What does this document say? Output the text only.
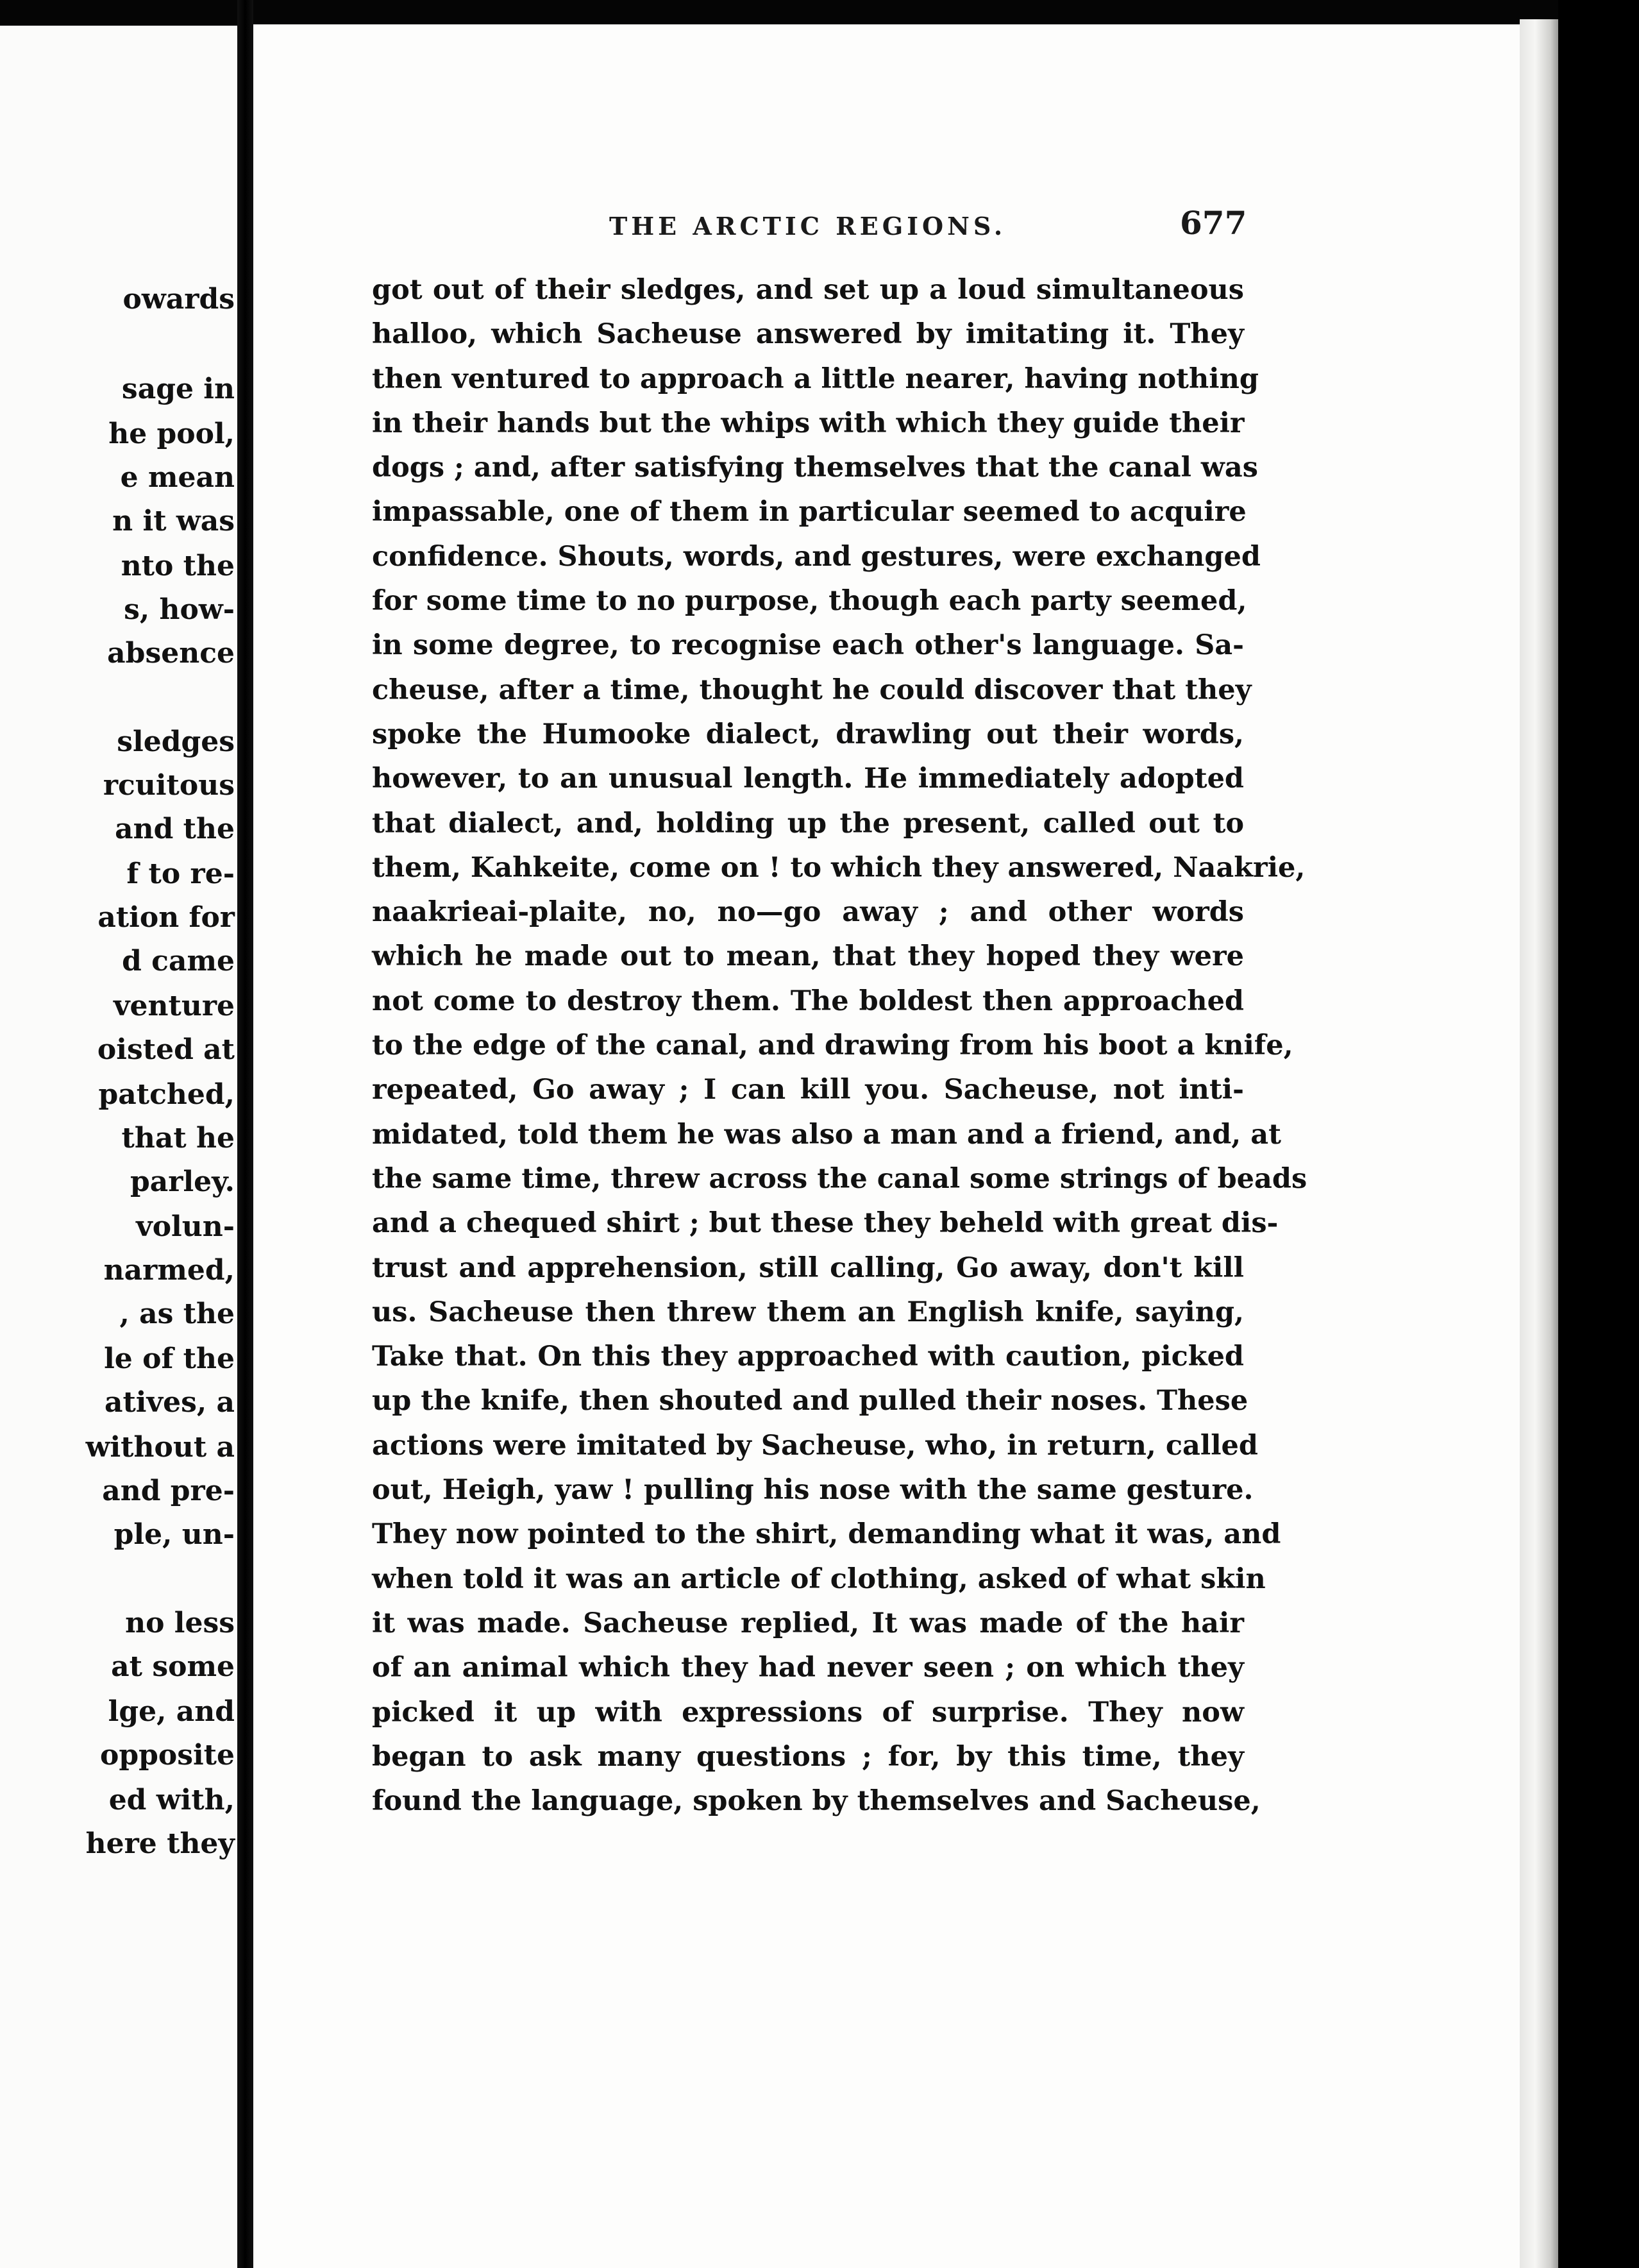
owards
sage in
he pool,
e mean
n it was
nto the
s, how-
absence
sledges
rcuitous
and the
f to re-
ation for
d came
venture
oisted at
patched,
that he
parley.
volun-
narmed,
, as the
le of the
atives, a
without a
and pre-
ple, un-
no less
at some
lge, and
opposite
ed with,
here they
THE ARCTIC REGIONS.	677
got out of their sledges, and set up a loud simultaneous
halloo, which Sacheuse answered by imitating it. They
then ventured to approach a little nearer, having nothing
in their hands but the whips with which they guide their
dogs ; and, after satisfying themselves that the canal was
impassable, one of them in particular seemed to acquire
confidence. Shouts, words, and gestures, were exchanged
for some time to no purpose, though each party seemed,
in some degree, to recognise each other's language. Sa-
cheuse, after a time, thought he could discover that they
spoke the Humooke dialect, drawling out their words,
however, to an unusual length. He immediately adopted
that dialect, and, holding up the present, called out to
them, Kahkeite, come on ! to which they answered, Naakrie,
naakrieai-plaite, no, no—go away ; and other words
which he made out to mean, that they hoped they were
not come to destroy them. The boldest then approached
to the edge of the canal, and drawing from his boot a knife,
repeated, Go away ; I can kill you. Sacheuse, not inti-
midated, told them he was also a man and a friend, and, at
the same time, threw across the canal some strings of beads
and a chequed shirt ; but these they beheld with great dis-
trust and apprehension, still calling, Go away, don't kill
us. Sacheuse then threw them an English knife, saying,
Take that. On this they approached with caution, picked
up the knife, then shouted and pulled their noses. These
actions were imitated by Sacheuse, who, in return, called
out, Heigh, yaw ! pulling his nose with the same gesture.
They now pointed to the shirt, demanding what it was, and
when told it was an article of clothing, asked of what skin
it was made. Sacheuse replied, It was made of the hair
of an animal which they had never seen ; on which they
picked it up with expressions of surprise. They now
began to ask many questions ; for, by this time, they
found the language, spoken by themselves and Sacheuse,
